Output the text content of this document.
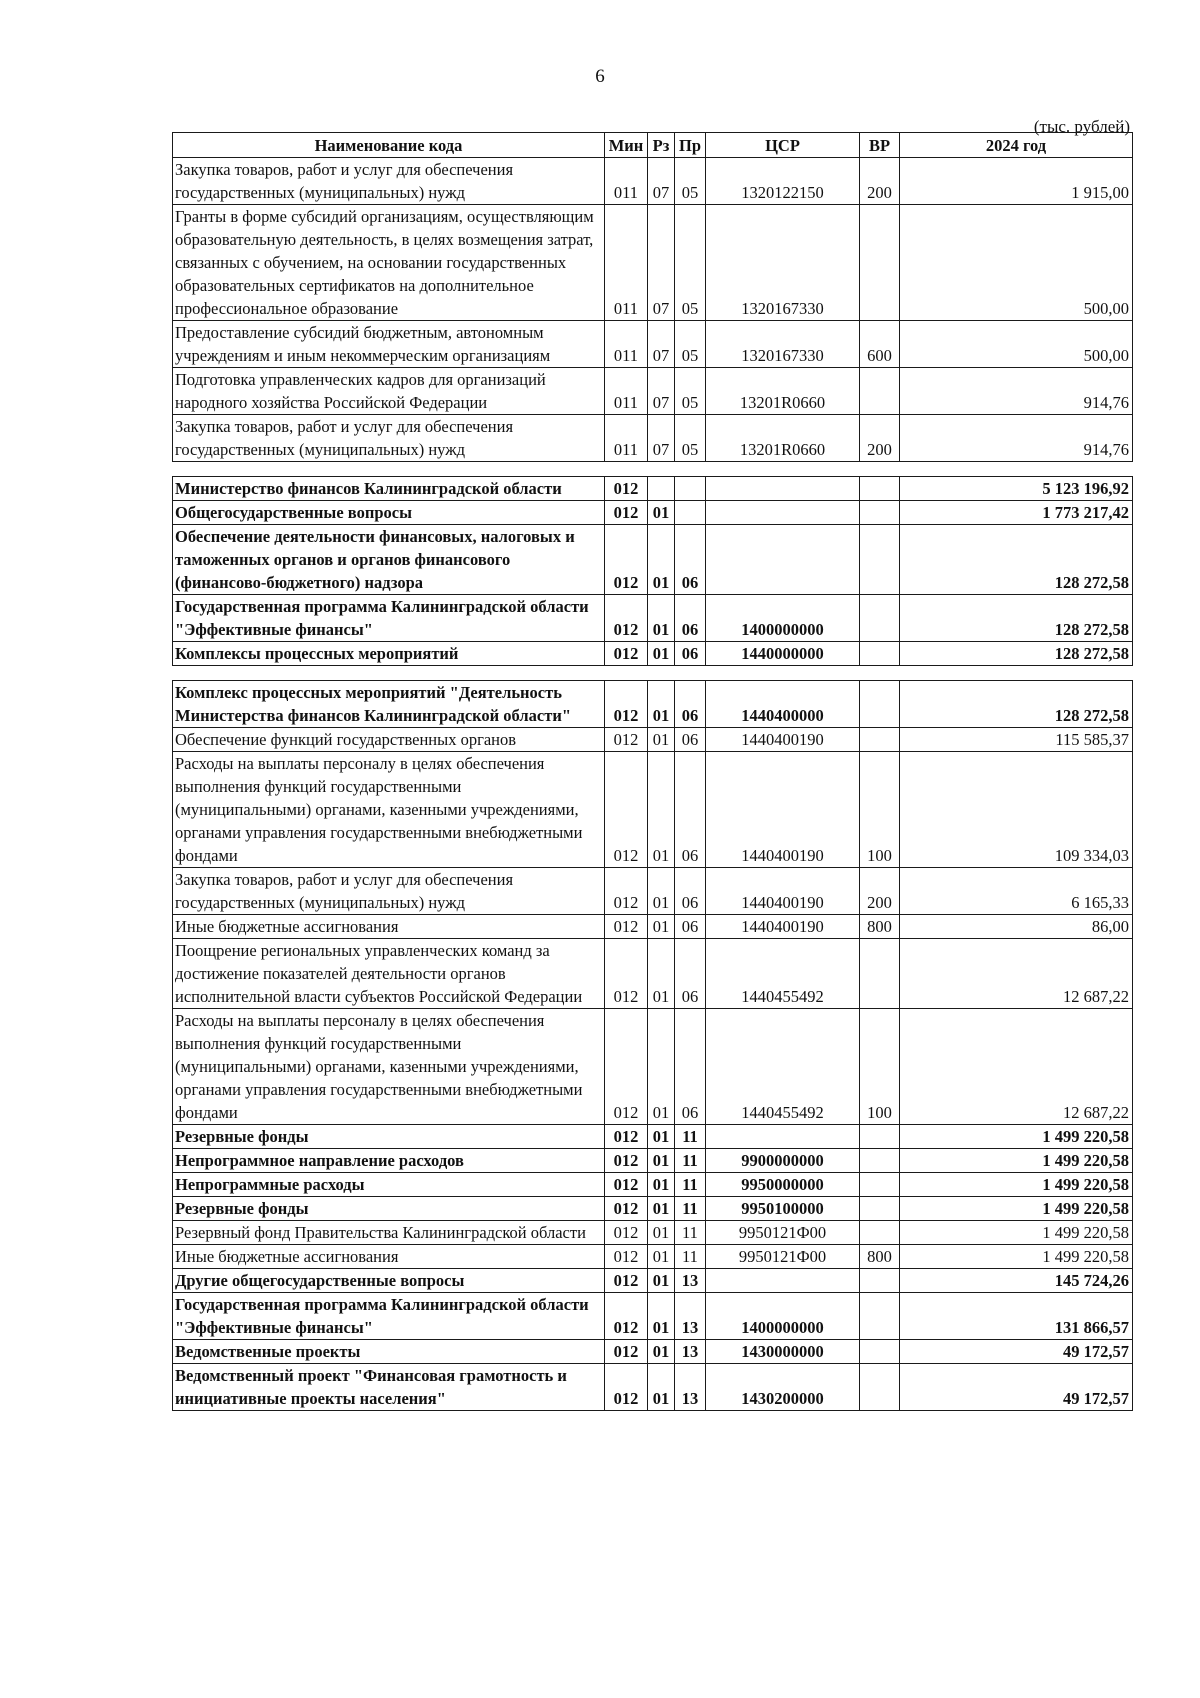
6
(тыс. рублей)
Наименование кода	Мин	Рз	Пр	ЦСР	ВР	2024 год
Закупка товаров, работ и услуг для обеспечения государственных (муниципальных) нужд	011	07	05	1320122150	200	1 915,00
Гранты в форме субсидий организациям, осуществляющим образовательную деятельность, в целях возмещения затрат, связанных с обучением, на основании государственных образовательных сертификатов на дополнительное профессиональное образование	011	07	05	1320167330		500,00
Предоставление субсидий бюджетным, автономным учреждениям и иным некоммерческим организациям	011	07	05	1320167330	600	500,00
Подготовка управленческих кадров для организаций народного хозяйства Российской Федерации	011	07	05	13201R0660		914,76
Закупка товаров, работ и услуг для обеспечения государственных (муниципальных) нужд	011	07	05	13201R0660	200	914,76

Министерство финансов Калининградской области	012					5 123 196,92
Общегосударственные вопросы	012	01				1 773 217,42
Обеспечение деятельности финансовых, налоговых и таможенных органов и органов финансового (финансово-бюджетного) надзора	012	01	06			128 272,58
Государственная программа Калининградской области "Эффективные финансы"	012	01	06	1400000000		128 272,58
Комплексы процессных мероприятий	012	01	06	1440000000		128 272,58

Комплекс процессных мероприятий "Деятельность Министерства финансов Калининградской области"	012	01	06	1440400000		128 272,58
Обеспечение функций государственных органов	012	01	06	1440400190		115 585,37
Расходы на выплаты персоналу в целях обеспечения выполнения функций государственными (муниципальными) органами, казенными учреждениями, органами управления государственными внебюджетными фондами	012	01	06	1440400190	100	109 334,03
Закупка товаров, работ и услуг для обеспечения государственных (муниципальных) нужд	012	01	06	1440400190	200	6 165,33
Иные бюджетные ассигнования	012	01	06	1440400190	800	86,00
Поощрение региональных управленческих команд за достижение показателей деятельности органов исполнительной власти субъектов Российской Федерации	012	01	06	1440455492		12 687,22
Расходы на выплаты персоналу в целях обеспечения выполнения функций государственными (муниципальными) органами, казенными учреждениями, органами управления государственными внебюджетными фондами	012	01	06	1440455492	100	12 687,22
Резервные фонды	012	01	11			1 499 220,58
Непрограммное направление расходов	012	01	11	9900000000		1 499 220,58
Непрограммные расходы	012	01	11	9950000000		1 499 220,58
Резервные фонды	012	01	11	9950100000		1 499 220,58
Резервный фонд Правительства Калининградской области	012	01	11	9950121Ф00		1 499 220,58
Иные бюджетные ассигнования	012	01	11	9950121Ф00	800	1 499 220,58
Другие общегосударственные вопросы	012	01	13			145 724,26
Государственная программа Калининградской области "Эффективные финансы"	012	01	13	1400000000		131 866,57
Ведомственные проекты	012	01	13	1430000000		49 172,57
Ведомственный проект "Финансовая грамотность и инициативные проекты населения"	012	01	13	1430200000		49 172,57
